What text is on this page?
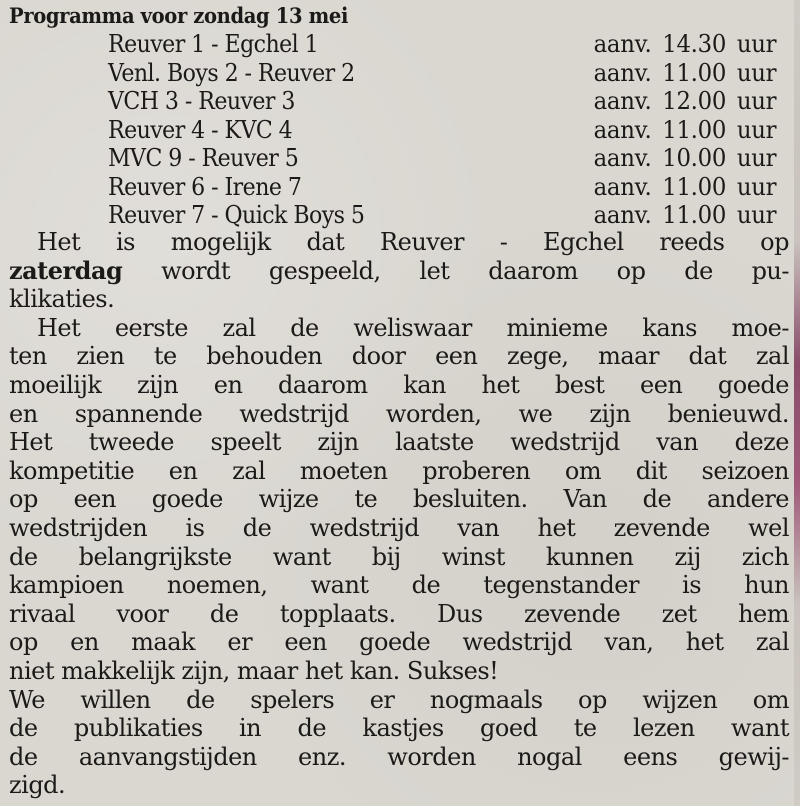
Programma voor zondag 13 mei
Reuver 1 - Egchel 1	aanv. 14.30 uur
Venl. Boys 2 - Reuver 2	aanv. 11.00 uur
VCH 3 - Reuver 3	aanv. 12.00 uur
Reuver 4 - KVC 4	aanv. 11.00 uur
MVC 9 - Reuver 5	aanv. 10.00 uur
Reuver 6 - Irene 7	aanv. 11.00 uur
Reuver 7 - Quick Boys 5	aanv. 11.00 uur
Het is mogelijk dat Reuver - Egchel reeds op
zaterdag wordt gespeeld, let daarom op de pu-
klikaties.
Het eerste zal de weliswaar minieme kans moe-
ten zien te behouden door een zege, maar dat zal
moeilijk zijn en daarom kan het best een goede
en spannende wedstrijd worden, we zijn benieuwd.
Het tweede speelt zijn laatste wedstrijd van deze
kompetitie en zal moeten proberen om dit seizoen
op een goede wijze te besluiten. Van de andere
wedstrijden is de wedstrijd van het zevende wel
de belangrijkste want bij winst kunnen zij zich
kampioen noemen, want de tegenstander is hun
rivaal voor de topplaats. Dus zevende zet hem
op en maak er een goede wedstrijd van, het zal
niet makkelijk zijn, maar het kan. Sukses!
We willen de spelers er nogmaals op wijzen om
de publikaties in de kastjes goed te lezen want
de aanvangstijden enz. worden nogal eens gewij-
zigd.
